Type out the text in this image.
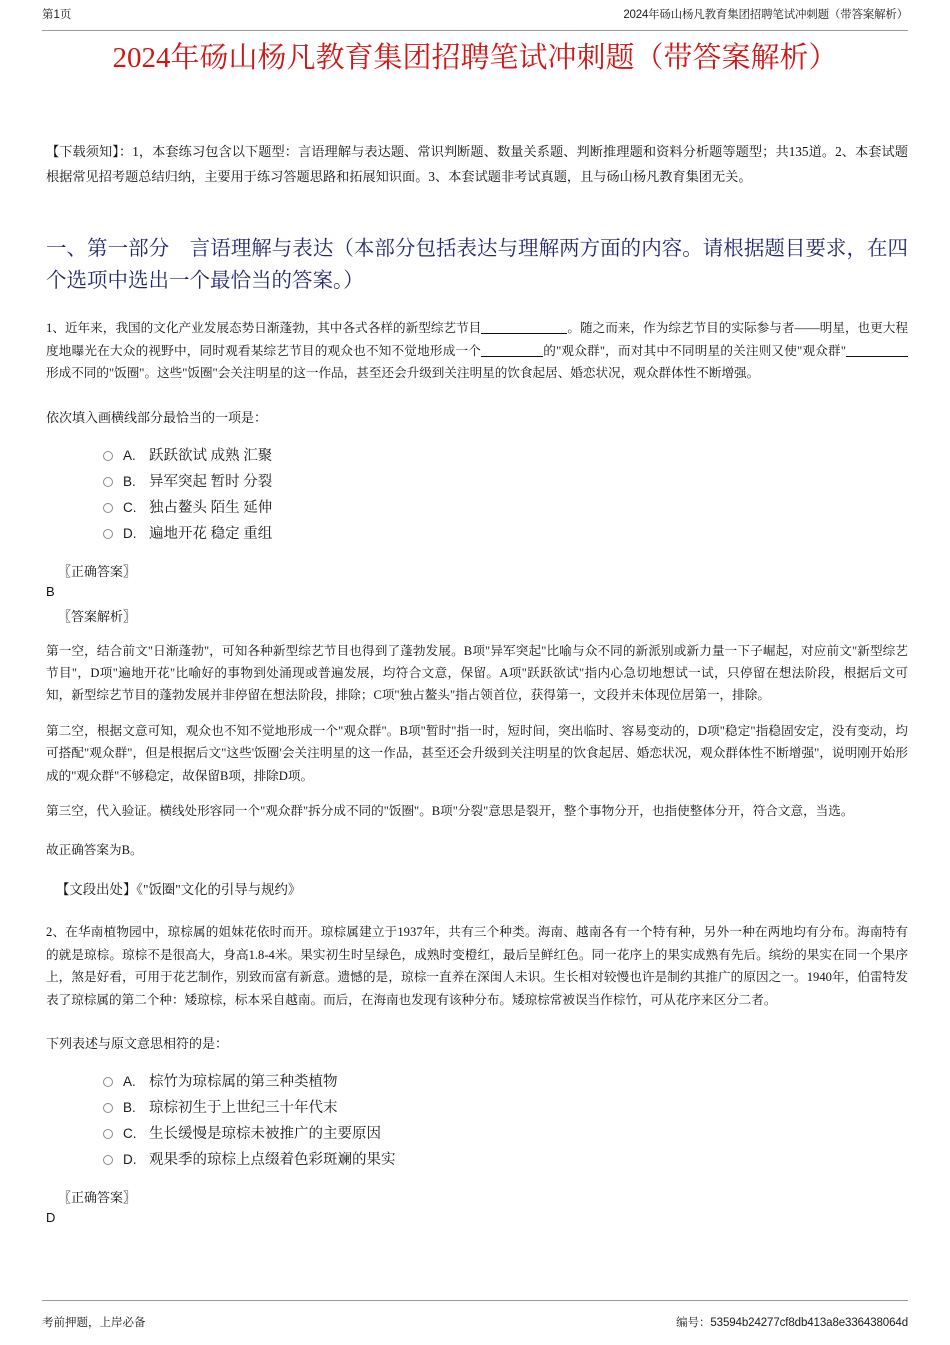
第1页	2024年砀山杨凡教育集团招聘笔试冲刺题（带答案解析）
2024年砀山杨凡教育集团招聘笔试冲刺题（带答案解析）

【下载须知】：1，本套练习包含以下题型：言语理解与表达题、常识判断题、数量关系题、判断推理题和资料分析题等题型；共135道。2、本套试题根据常见招考题总结归纳，主要用于练习答题思路和拓展知识面。3、本套试题非考试真题，且与砀山杨凡教育集团无关。

一、第一部分　言语理解与表达（本部分包括表达与理解两方面的内容。请根据题目要求，在四个选项中选出一个最恰当的答案。）

1、近年来，我国的文化产业发展态势日渐蓬勃，其中各式各样的新型综艺节目	。随之而来，作为综艺节目的实际参与者——明星，也更大程度地曝光在大众的视野中，同时观看某综艺节目的观众也不知不觉地形成一个	的"观众群"，而对其中不同明星的关注则又使"观众群"形成不同的"饭圈"。这些"饭圈"会关注明星的这一作品，甚至还会升级到关注明星的饮食起居、婚恋状况，观众群体性不断增强。

依次填入画横线部分最恰当的一项是：

A. 跃跃欲试 成熟 汇聚
B. 异军突起 暂时 分裂
C. 独占鳌头 陌生 延伸
D. 遍地开花 稳定 重组

〖正确答案〗

B

〖答案解析〗

第一空，结合前文"日渐蓬勃"，可知各种新型综艺节目也得到了蓬勃发展。B项"异军突起"比喻与众不同的新派别或新力量一下子崛起，对应前文"新型综艺节目"，D项"遍地开花"比喻好的事物到处涌现或普遍发展，均符合文意，保留。A项"跃跃欲试"指内心急切地想试一试，只停留在想法阶段，根据后文可知，新型综艺节目的蓬勃发展并非停留在想法阶段，排除；C项"独占鳌头"指占领首位，获得第一，文段并未体现位居第一，排除。

第二空，根据文意可知，观众也不知不觉地形成一个"观众群"。B项"暂时"指一时，短时间，突出临时、容易变动的，D项"稳定"指稳固安定，没有变动，均可搭配"观众群"，但是根据后文"这些'饭圈'会关注明星的这一作品，甚至还会升级到关注明星的饮食起居、婚恋状况，观众群体性不断增强"，说明刚开始形成的"观众群"不够稳定，故保留B项，排除D项。

第三空，代入验证。横线处形容同一个"观众群"拆分成不同的"饭圈"。B项"分裂"意思是裂开，整个事物分开，也指使整体分开，符合文意，当选。

故正确答案为B。

【文段出处】《"饭圈"文化的引导与规约》

2、在华南植物园中，琼棕属的姐妹花依时而开。琼棕属建立于1937年，共有三个种类。海南、越南各有一个特有种，另外一种在两地均有分布。海南特有的就是琼棕。琼棕不是很高大，身高1.8-4米。果实初生时呈绿色，成熟时变橙红，最后呈鲜红色。同一花序上的果实成熟有先后。缤纷的果实在同一个果序上，煞是好看，可用于花艺制作，别致而富有新意。遗憾的是，琼棕一直养在深闺人未识。生长相对较慢也许是制约其推广的原因之一。1940年，伯雷特发表了琼棕属的第二个种：矮琼棕，标本采自越南。而后，在海南也发现有该种分布。矮琼棕常被误当作棕竹，可从花序来区分二者。

下列表述与原文意思相符的是：

A. 棕竹为琼棕属的第三种类植物
B. 琼棕初生于上世纪三十年代末
C. 生长缓慢是琼棕未被推广的主要原因
D. 观果季的琼棕上点缀着色彩斑斓的果实

〖正确答案〗

D

考前押题，上岸必备	编号：53594b24277cf8db413a8e336438064d
